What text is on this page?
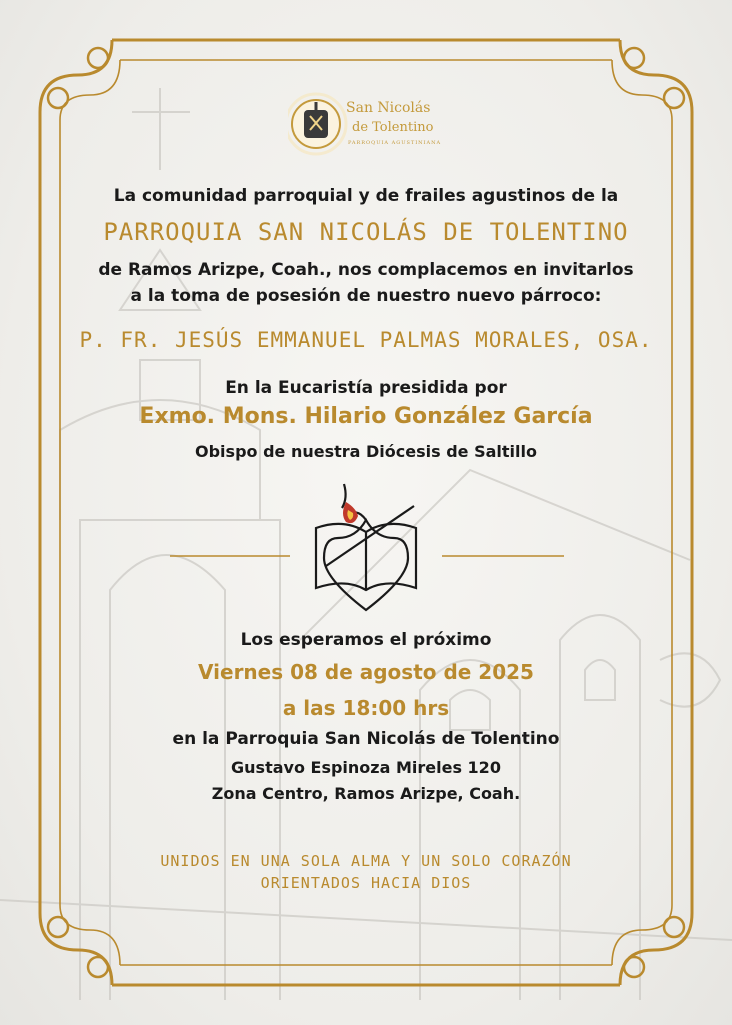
San Nicolás
de Tolentino
PARROQUIA AGUSTINIANA
La comunidad parroquial y de frailes agustinos de la
PARROQUIA SAN NICOLÁS DE TOLENTINO
de Ramos Arizpe, Coah., nos complacemos en invitarlos
a la toma de posesión de nuestro nuevo párroco:
P. FR. JESÚS EMMANUEL PALMAS MORALES, OSA.
En la Eucaristía presidida por
Exmo. Mons. Hilario González García
Obispo de nuestra Diócesis de Saltillo
Los esperamos el próximo
Viernes 08 de agosto de 2025
a las 18:00 hrs
en la Parroquia San Nicolás de Tolentino
Gustavo Espinoza Mireles 120
Zona Centro, Ramos Arizpe, Coah.
UNIDOS EN UNA SOLA ALMA Y UN SOLO CORAZÓN
ORIENTADOS HACIA DIOS
